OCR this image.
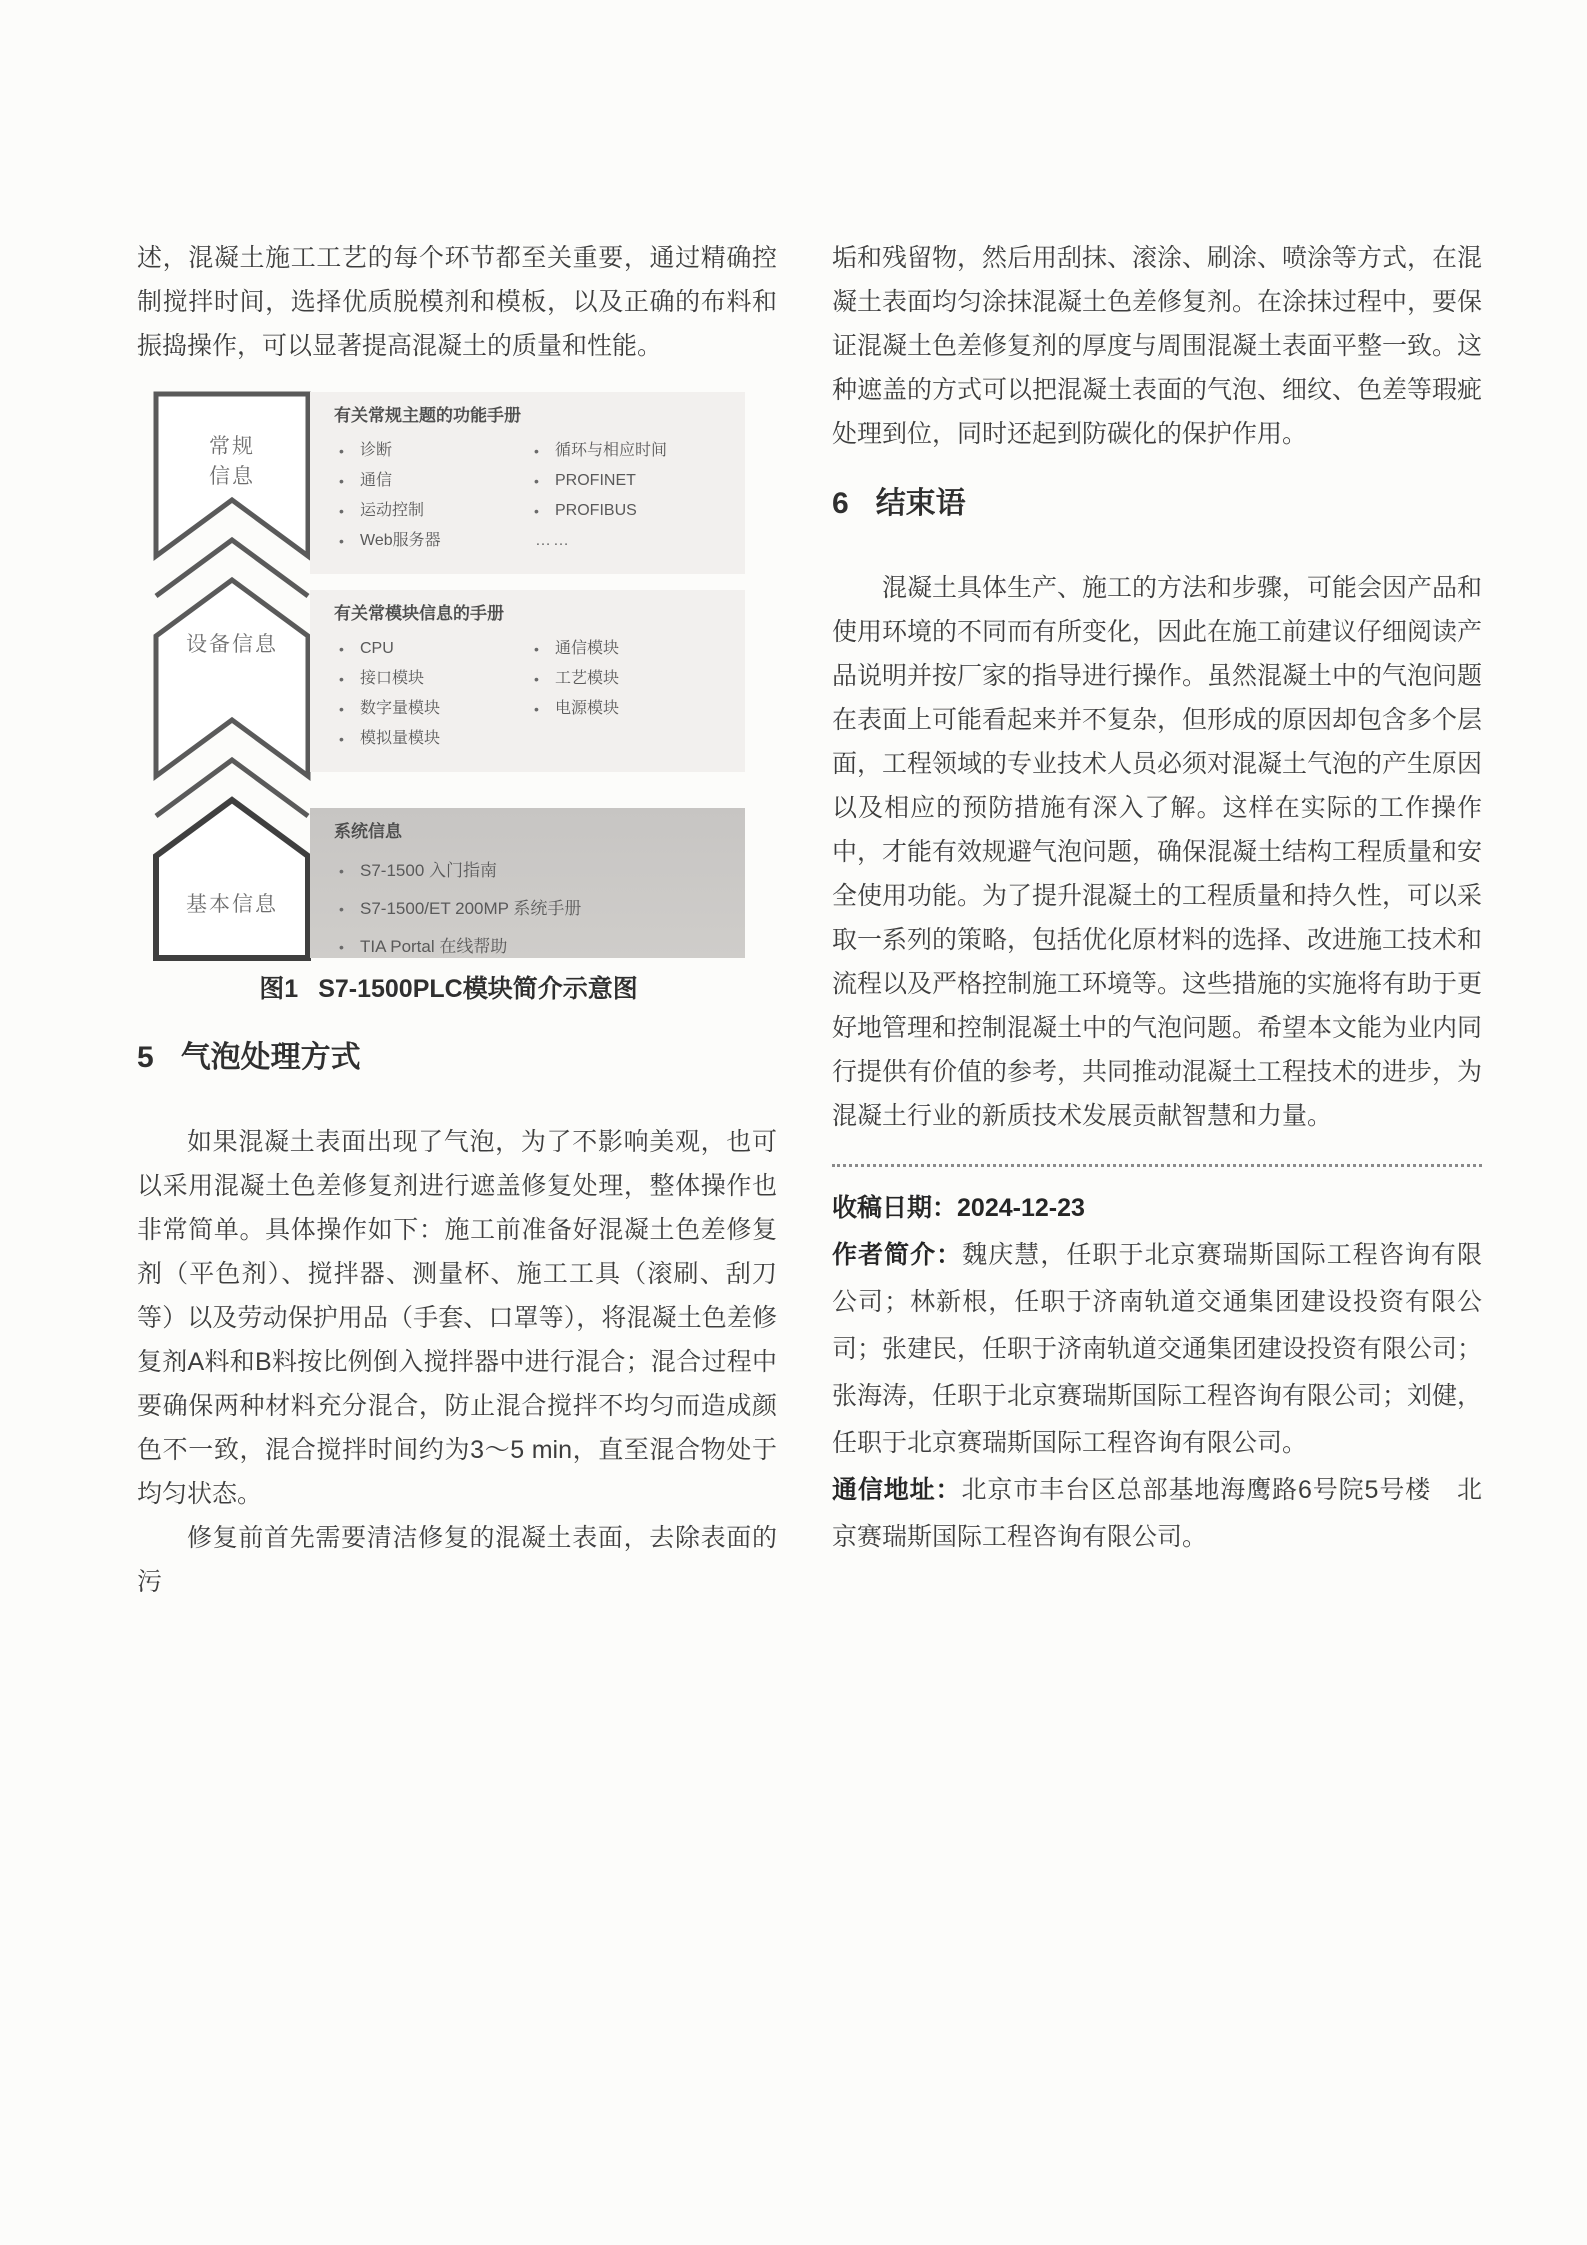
述，混凝土施工工艺的每个环节都至关重要，通过精确控制搅拌时间，选择优质脱模剂和模板，以及正确的布料和振捣操作，可以显著提高混凝土的质量和性能。

常规信息
设备信息
基本信息

有关常规主题的功能手册

• 诊断
• 通信
• 运动控制
• Web服务器
• 循环与相应时间
• PROFINET
• PROFIBUS
……

有关常模块信息的手册

• CPU
• 接口模块
• 数字量模块
• 模拟量模块
• 通信模块
• 工艺模块
• 电源模块

系统信息

• S7-1500 入门指南
• S7-1500/ET 200MP 系统手册
• TIA Portal 在线帮助

图1 S7-1500PLC模块简介示意图

5 气泡处理方式

如果混凝土表面出现了气泡，为了不影响美观，也可以采用混凝土色差修复剂进行遮盖修复处理，整体操作也非常简单。具体操作如下：施工前准备好混凝土色差修复剂（平色剂）、搅拌器、测量杯、施工工具（滚刷、刮刀等）以及劳动保护用品（手套、口罩等），将混凝土色差修复剂A料和B料按比例倒入搅拌器中进行混合；混合过程中要确保两种材料充分混合，防止混合搅拌不均匀而造成颜色不一致，混合搅拌时间约为3～5 min，直至混合物处于均匀状态。

修复前首先需要清洁修复的混凝土表面，去除表面的污

垢和残留物，然后用刮抹、滚涂、刷涂、喷涂等方式，在混凝土表面均匀涂抹混凝土色差修复剂。在涂抹过程中，要保证混凝土色差修复剂的厚度与周围混凝土表面平整一致。这种遮盖的方式可以把混凝土表面的气泡、细纹、色差等瑕疵处理到位，同时还起到防碳化的保护作用。

6 结束语

混凝土具体生产、施工的方法和步骤，可能会因产品和使用环境的不同而有所变化，因此在施工前建议仔细阅读产品说明并按厂家的指导进行操作。虽然混凝土中的气泡问题在表面上可能看起来并不复杂，但形成的原因却包含多个层面，工程领域的专业技术人员必须对混凝土气泡的产生原因以及相应的预防措施有深入了解。这样在实际的工作操作中，才能有效规避气泡问题，确保混凝土结构工程质量和安全使用功能。为了提升混凝土的工程质量和持久性，可以采取一系列的策略，包括优化原材料的选择、改进施工技术和流程以及严格控制施工环境等。这些措施的实施将有助于更好地管理和控制混凝土中的气泡问题。希望本文能为业内同行提供有价值的参考，共同推动混凝土工程技术的进步，为混凝土行业的新质技术发展贡献智慧和力量。

收稿日期：2024-12-23

作者简介：魏庆慧，任职于北京赛瑞斯国际工程咨询有限公司；林新根，任职于济南轨道交通集团建设投资有限公司；张建民，任职于济南轨道交通集团建设投资有限公司；张海涛，任职于北京赛瑞斯国际工程咨询有限公司；刘健，任职于北京赛瑞斯国际工程咨询有限公司。

通信地址：北京市丰台区总部基地海鹰路6号院5号楼　北京赛瑞斯国际工程咨询有限公司。
